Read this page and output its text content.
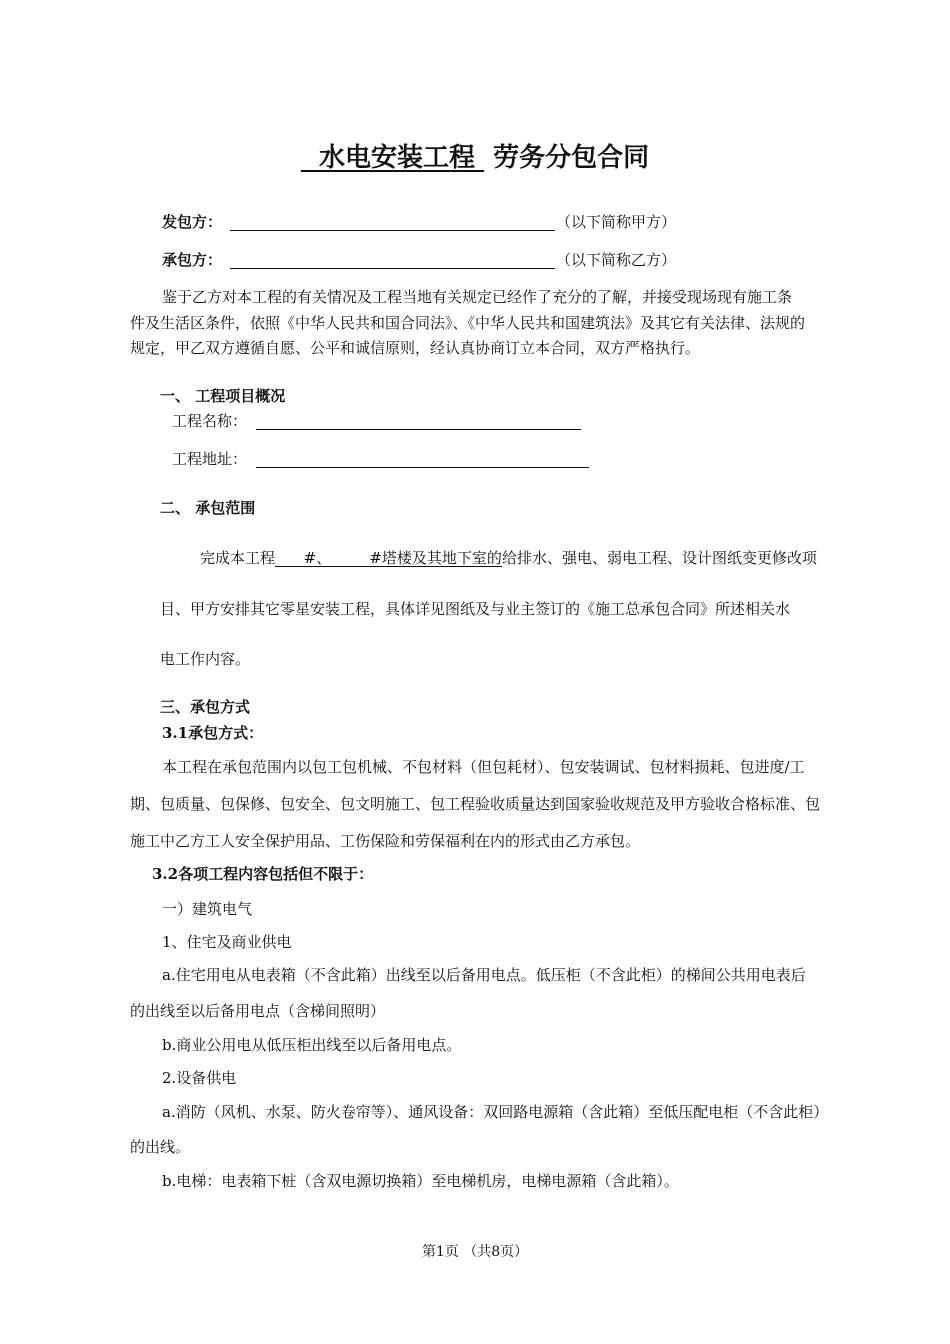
水电安装工程 劳务分包合同
发包方：	（以下简称甲方）
承包方：	（以下简称乙方）
鉴于乙方对本工程的有关情况及工程当地有关规定已经作了充分的了解，并接受现场现有施工条
件及生活区条件，依照《中华人民共和国合同法》、《中华人民共和国建筑法》及其它有关法律、法规的
规定，甲乙双方遵循自愿、公平和诚信原则，经认真协商订立本合同，双方严格执行。
一、 工程项目概况
工程名称：
工程地址：
二、 承包范围
完成本工程 #、	#塔楼及其地下室的给排水、强电、弱电工程、设计图纸变更修改项
目、甲方安排其它零星安装工程，具体详见图纸及与业主签订的《施工总承包合同》所述相关水
电工作内容。
三、承包方式
3.1承包方式：
本工程在承包范围内以包工包机械、不包材料（但包耗材）、包安装调试、包材料损耗、包进度/工
期、包质量、包保修、包安全、包文明施工、包工程验收质量达到国家验收规范及甲方验收合格标准、包
施工中乙方工人安全保护用品、工伤保险和劳保福利在内的形式由乙方承包。
3.2各项工程内容包括但不限于：
一）建筑电气
1、住宅及商业供电
a.住宅用电从电表箱（不含此箱）出线至以后备用电点。低压柜（不含此柜）的梯间公共用电表后
的出线至以后备用电点（含梯间照明）
b.商业公用电从低压柜出线至以后备用电点。
2.设备供电
a.消防（风机、水泵、防火卷帘等）、通风设备：双回路电源箱（含此箱）至低压配电柜（不含此柜）
的出线。
b.电梯：电表箱下桩（含双电源切换箱）至电梯机房，电梯电源箱（含此箱）。
第1页 （共8页）
